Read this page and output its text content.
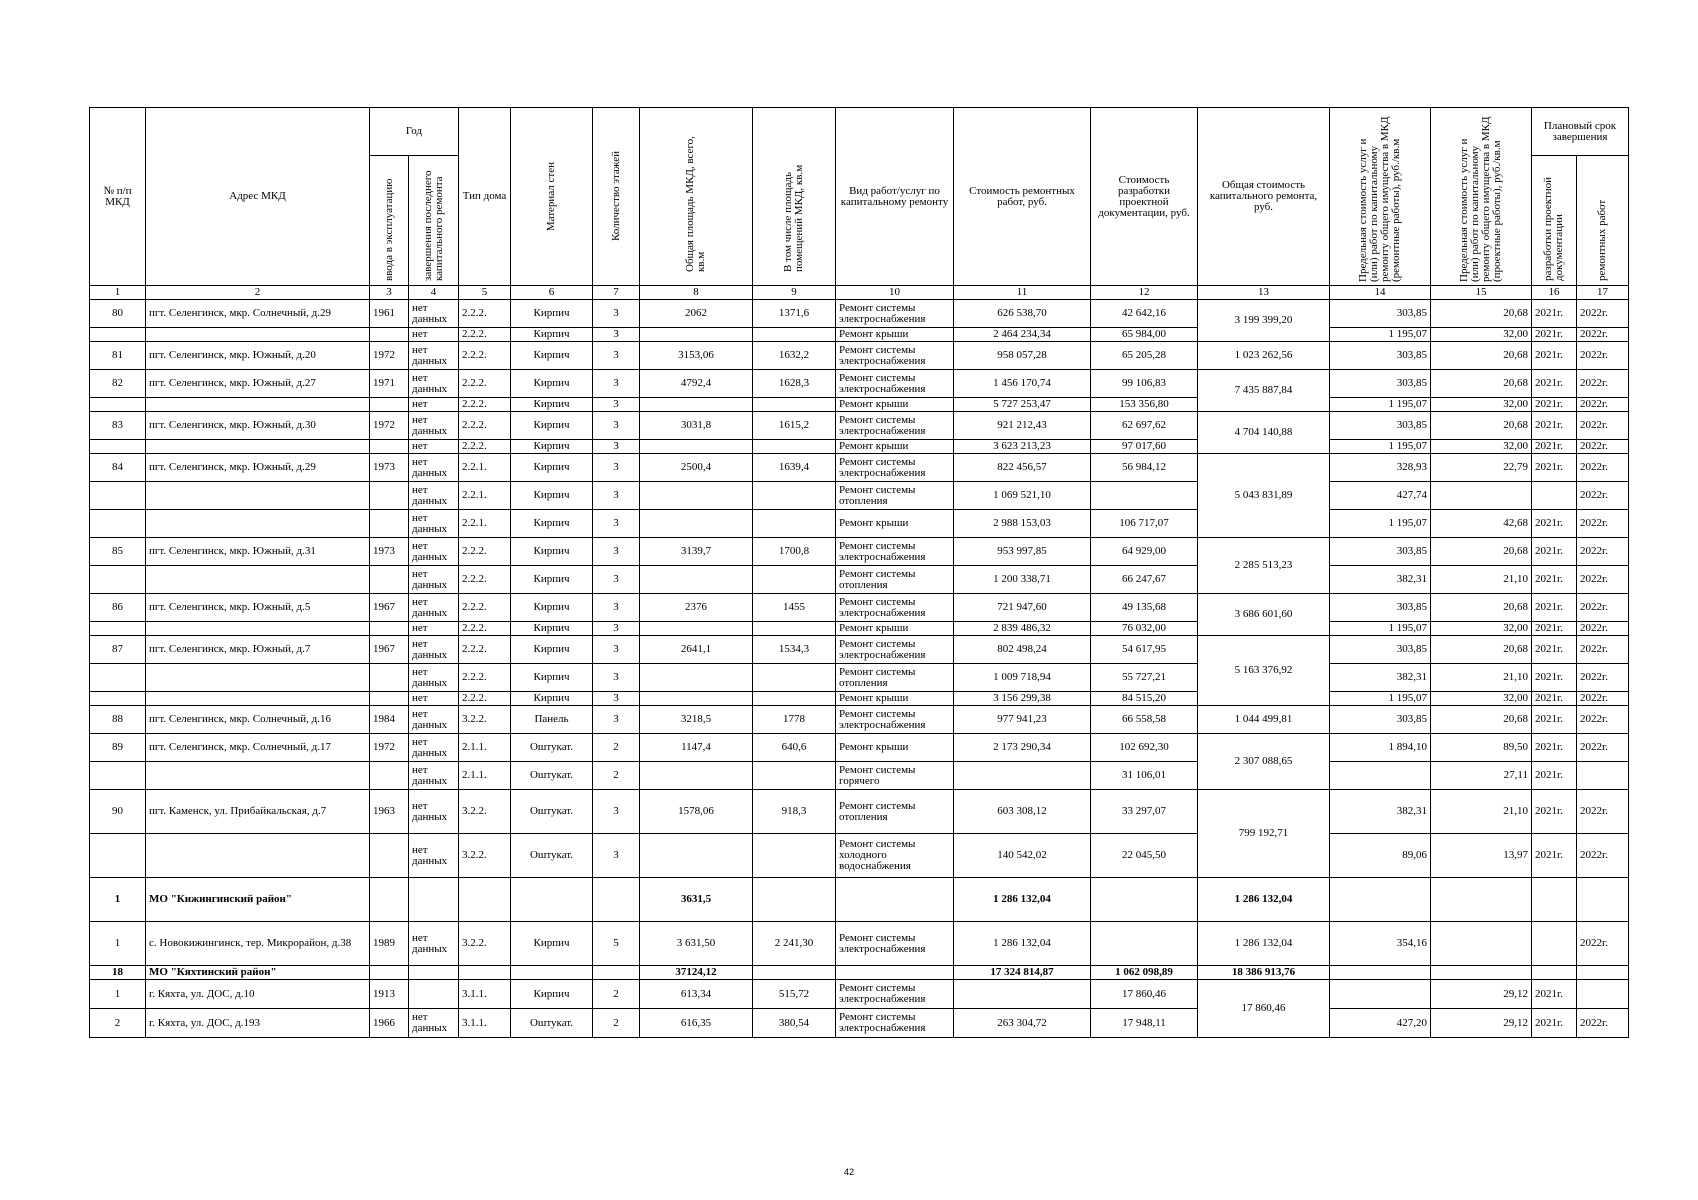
№ п/п МКД	Адрес МКД	Год		Тип дома	Материал стен	Количество этажей	Общая площадь МКД, всего, кв.м	В том числе площадь помещений МКД, кв.м	Вид работ/услуг по капитальному ремонту	Стоимость ремонтных работ, руб.	Стоимость разработки проектной документации, руб.	Общая стоимость капитального ремонта, руб.	Предельная стоимость услуг и (или) работ по капитальному ремонту общего имущества в МКД (ремонтные работы), руб./кв.м	Предельная стоимость услуг и (или) работ по капитальному ремонту общего имущества в МКД (проектные работы), руб./кв.м	Плановый срок завершения	

		ввода в эксплуатацию	завершения последнего капитального ремонта												разработки проектной документации	ремонтных работ

1	2	3	4	5	6	7	8	9	10	11	12	13	14	15	16	17
80	пгт. Селенгинск, мкр. Солнечный, д.29	1961	нет данных	2.2.2.	Кирпич	3	2062	1371,6	Ремонт системы электроснабжения	626 538,70	42 642,16	3 199 399,20	303,85	20,68	2021г.	2022г.
			нет	2.2.2.	Кирпич	3			Ремонт крыши	2 464 234,34	65 984,00		1 195,07	32,00	2021г.	2022г.
81	пгт. Селенгинск, мкр. Южный, д.20	1972	нет данных	2.2.2.	Кирпич	3	3153,06	1632,2	Ремонт системы электроснабжения	958 057,28	65 205,28	1 023 262,56	303,85	20,68	2021г.	2022г.
82	пгт. Селенгинск, мкр. Южный, д.27	1971	нет данных	2.2.2.	Кирпич	3	4792,4	1628,3	Ремонт системы электроснабжения	1 456 170,74	99 106,83	7 435 887,84	303,85	20,68	2021г.	2022г.
			нет	2.2.2.	Кирпич	3			Ремонт крыши	5 727 253,47	153 356,80		1 195,07	32,00	2021г.	2022г.
83	пгт. Селенгинск, мкр. Южный, д.30	1972	нет данных	2.2.2.	Кирпич	3	3031,8	1615,2	Ремонт системы электроснабжения	921 212,43	62 697,62	4 704 140,88	303,85	20,68	2021г.	2022г.
			нет	2.2.2.	Кирпич	3			Ремонт крыши	3 623 213,23	97 017,60		1 195,07	32,00	2021г.	2022г.
84	пгт. Селенгинск, мкр. Южный, д.29	1973	нет данных	2.2.1.	Кирпич	3	2500,4	1639,4	Ремонт системы электроснабжения	822 456,57	56 984,12	5 043 831,89	328,93	22,79	2021г.	2022г.
			нет данных	2.2.1.	Кирпич	3			Ремонт системы отопления	1 069 521,10			427,74			2022г.
			нет данных	2.2.1.	Кирпич	3			Ремонт крыши	2 988 153,03	106 717,07		1 195,07	42,68	2021г.	2022г.
85	пгт. Селенгинск, мкр. Южный, д.31	1973	нет данных	2.2.2.	Кирпич	3	3139,7	1700,8	Ремонт системы электроснабжения	953 997,85	64 929,00	2 285 513,23	303,85	20,68	2021г.	2022г.
			нет данных	2.2.2.	Кирпич	3			Ремонт системы отопления	1 200 338,71	66 247,67		382,31	21,10	2021г.	2022г.
86	пгт. Селенгинск, мкр. Южный, д.5	1967	нет данных	2.2.2.	Кирпич	3	2376	1455	Ремонт системы электроснабжения	721 947,60	49 135,68	3 686 601,60	303,85	20,68	2021г.	2022г.
			нет	2.2.2.	Кирпич	3			Ремонт крыши	2 839 486,32	76 032,00		1 195,07	32,00	2021г.	2022г.
87	пгт. Селенгинск, мкр. Южный, д.7	1967	нет данных	2.2.2.	Кирпич	3	2641,1	1534,3	Ремонт системы электроснабжения	802 498,24	54 617,95	5 163 376,92	303,85	20,68	2021г.	2022г.
			нет данных	2.2.2.	Кирпич	3			Ремонт системы отопления	1 009 718,94	55 727,21		382,31	21,10	2021г.	2022г.
			нет	2.2.2.	Кирпич	3			Ремонт крыши	3 156 299,38	84 515,20		1 195,07	32,00	2021г.	2022г.
88	пгт. Селенгинск, мкр. Солнечный, д.16	1984	нет данных	3.2.2.	Панель	3	3218,5	1778	Ремонт системы электроснабжения	977 941,23	66 558,58	1 044 499,81	303,85	20,68	2021г.	2022г.
89	пгт. Селенгинск, мкр. Солнечный, д.17	1972	нет данных	2.1.1.	Оштукат.	2	1147,4	640,6	Ремонт крыши	2 173 290,34	102 692,30	2 307 088,65	1 894,10	89,50	2021г.	2022г.
			нет данных	2.1.1.	Оштукат.	2			Ремонт системы горячего		31 106,01			27,11	2021г.	
90	пгт. Каменск, ул. Прибайкальская, д.7	1963	нет данных	3.2.2.	Оштукат.	3	1578,06	918,3	Ремонт системы отопления	603 308,12	33 297,07	799 192,71	382,31	21,10	2021г.	2022г.
			нет данных	3.2.2.	Оштукат.	3			Ремонт системы холодного водоснабжения	140 542,02	22 045,50		89,06	13,97	2021г.	2022г.
1	МО "Кижингинский район"						3631,5			1 286 132,04		1 286 132,04				
1	с. Новокижингинск, тер. Микрорайон, д.38	1989	нет данных	3.2.2.	Кирпич	5	3 631,50	2 241,30	Ремонт системы электроснабжения	1 286 132,04		1 286 132,04	354,16			2022г.
18	МО "Кяхтинский район"						37124,12			17 324 814,87	1 062 098,89	18 386 913,76				
1	г. Кяхта, ул. ДОС, д.10	1913		3.1.1.	Кирпич	2	613,34	515,72	Ремонт системы электроснабжения		17 860,46	17 860,46		29,12	2021г.	
2	г. Кяхта, ул. ДОС, д.193	1966	нет данных	3.1.1.	Оштукат.	2	616,35	380,54	Ремонт системы электроснабжения	263 304,72	17 948,11		427,20	29,12	2021г.	2022г.
42
